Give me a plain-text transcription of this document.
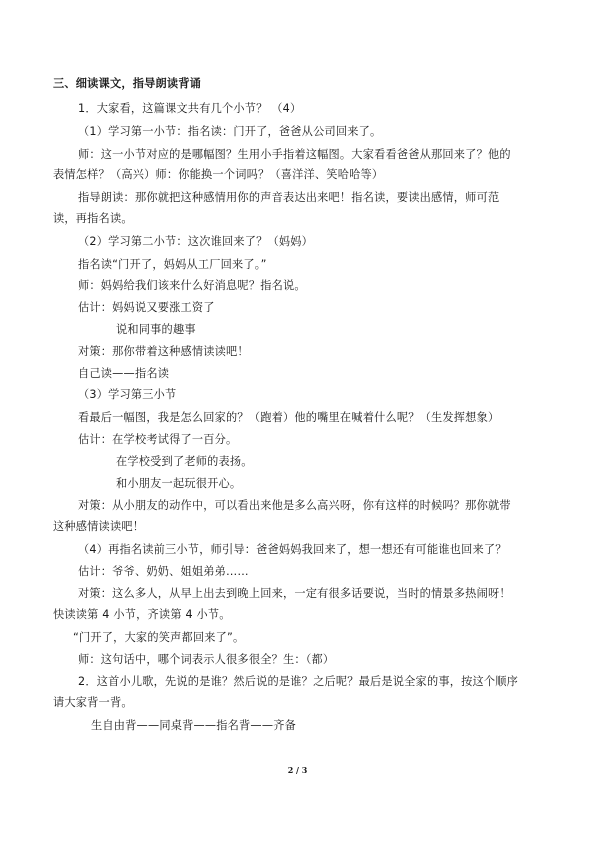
三、细读课文，指导朗读背诵
1．大家看，这篇课文共有几个小节？ （4）
（1）学习第一小节：指名读：门开了，爸爸从公司回来了。
师：这一小节对应的是哪幅图？生用小手指着这幅图。大家看看爸爸从那回来了？他的
表情怎样？（高兴）师：你能换一个词吗？（喜洋洋、笑哈哈等）
指导朗读：那你就把这种感情用你的声音表达出来吧！指名读，要读出感情，师可范
读，再指名读。
（2）学习第二小节：这次谁回来了？（妈妈）
指名读“门开了，妈妈从工厂回来了。”
师：妈妈给我们该来什么好消息呢？指名说。
估计：妈妈说又要涨工资了
说和同事的趣事
对策：那你带着这种感情读读吧！
自己读——指名读
（3）学习第三小节
看最后一幅图，我是怎么回家的？（跑着）他的嘴里在喊着什么呢？（生发挥想象）
估计：在学校考试得了一百分。
在学校受到了老师的表扬。
和小朋友一起玩很开心。
对策：从小朋友的动作中，可以看出来他是多么高兴呀，你有这样的时候吗？那你就带
这种感情读读吧！
（4）再指名读前三小节，师引导：爸爸妈妈我回来了，想一想还有可能谁也回来了？
估计：爷爷、奶奶、姐姐弟弟……
对策：这么多人，从早上出去到晚上回来，一定有很多话要说，当时的情景多热闹呀！
快读读第 4 小节，齐读第 4 小节。
“门开了，大家的笑声都回来了”。
师：这句话中，哪个词表示人很多很全？生：（都）
2．这首小儿歌，先说的是谁？然后说的是谁？之后呢？最后是说全家的事，按这个顺序
请大家背一背。
生自由背——同桌背——指名背——齐备
2 / 3
